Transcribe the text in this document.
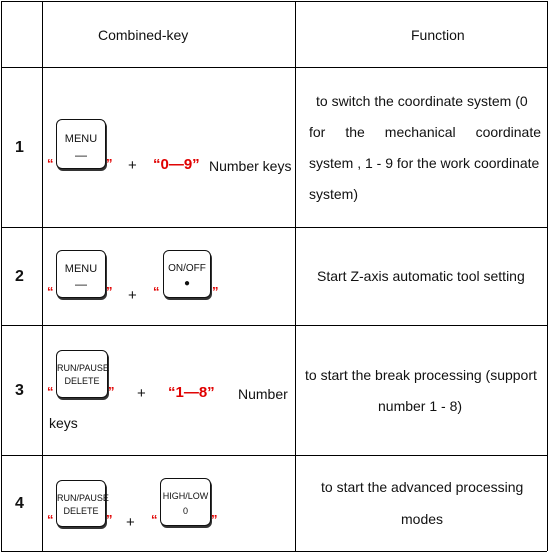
Combined-key	Function
1
“
MENU
—
” + “0—9” Number keys
to switch the coordinate system (0
for the mechanical coordinate
system , 1 - 9 for the work coordinate
system)
2
“
MENU
—	” + “
ON/OFF
●
”
Start Z-axis automatic tool setting
3 “
RUN/PAUSE
DELETE
” + “1—8” Number
keys
to start the break processing (support
number 1 - 8)
4
“
RUN/PAUSE
DELETE
” + “
HIGH/LOW
0
”
to start the advanced processing
modes
